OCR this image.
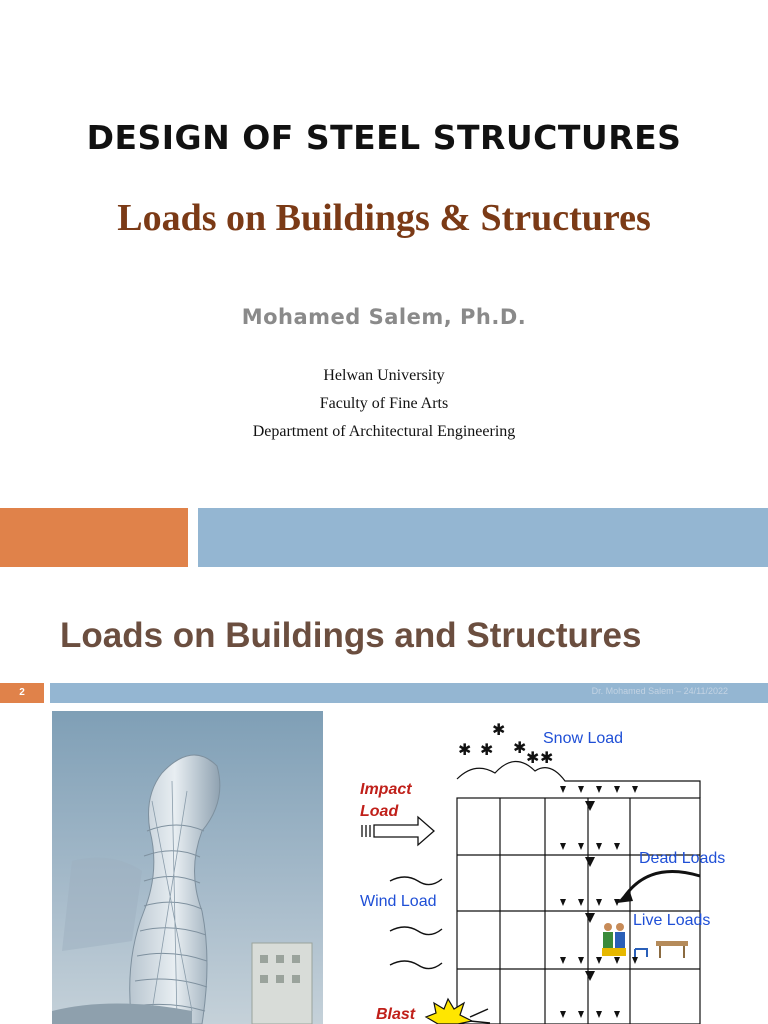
DESIGN OF STEEL STRUCTURES
Loads on Buildings & Structures
Mohamed Salem, Ph.D.
Helwan University
Faculty of Fine Arts
Department of Architectural Engineering
Loads on Buildings and Structures
2	Dr. Mohamed Salem – 24/11/2022
✱ ✱ ✱
✱ ✱
✱ Snow Load
Impact
Load
Dead Loads
Wind Load
Live Loads
Blast
